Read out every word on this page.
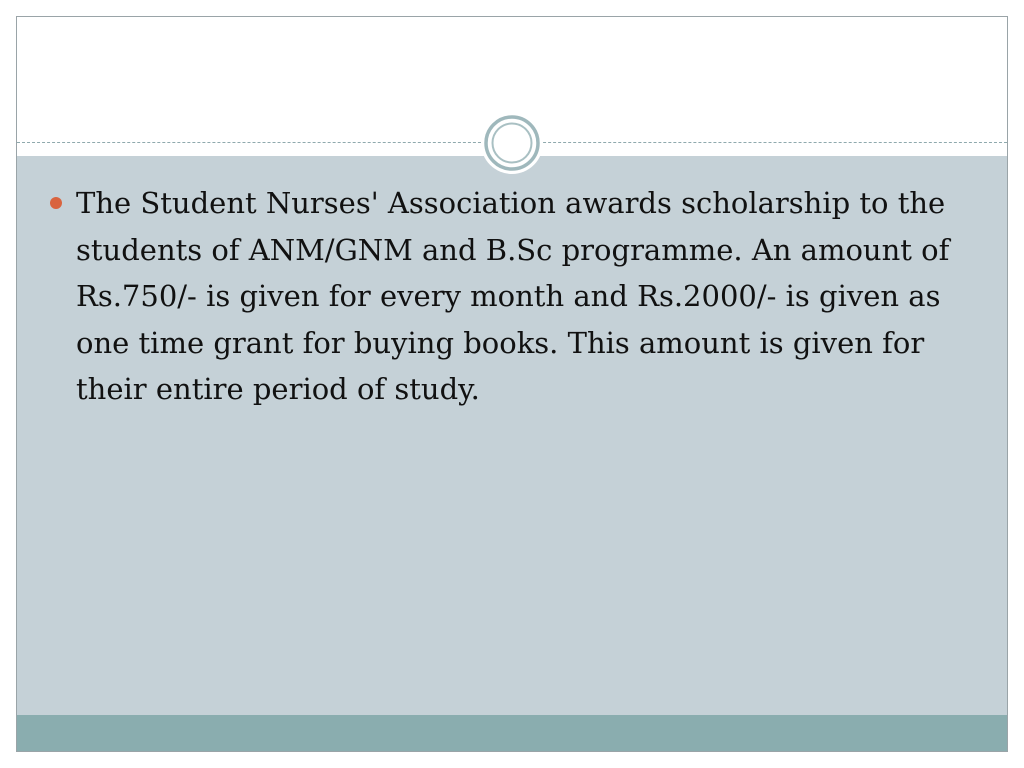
The Student Nurses' Association awards scholarship to the students of ANM/GNM and B.Sc programme. An amount of Rs.750/- is given for every month and Rs.2000/- is given as one time grant for buying books. This amount is given for their entire period of study.
